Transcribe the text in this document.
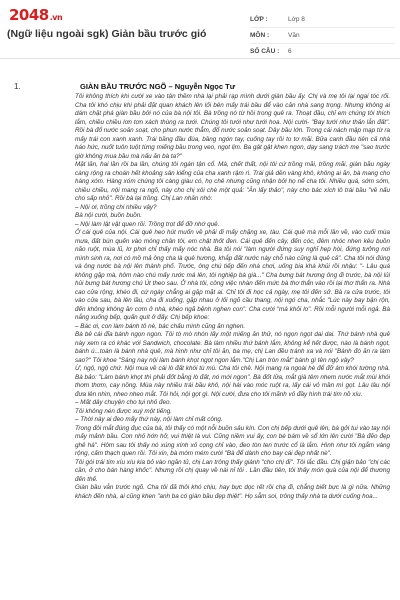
2048.vn
(Ngữ liệu ngoài sgk) Giản bầu trước gió
LỚP :	Lớp 8
MÔN :	Văn
SỐ CÂU :	6
1.	GIÀN BẦU TRƯỚC NGÕ – Nguyễn Ngọc Tư

Tôi không thích khi cười xe vào tận thềm nhà lại phải rạp mình dưới giàn bầu ấy. Chị và mẹ tôi lại ngại tóc rối. Cha tôi khó chịu khi phải đặt quan khách lên lối bên mấy trái bầu để vào căn nhà sang trọng. Nhưng không ai dám chặt phá giàn bầu bởi nó của bà nội tôi. Bà trồng nó từ hồi trong quê ra. Thoạt đầu, chỉ em chúng tôi thích lắm, chiều chiều lơn tơn xách thùng ra tưới. Chúng tôi tưới như tưới hoa. Nội cười- "Bay tưới như thản lẫn đất". Rồi bà đổ nước soản soạt, cho phun nước thẳm, đổ nước soản soạt. Dây bầu lớn. Trong cái nách mập mạp từ ra mấy trái con xanh xanh. Trái bầng đầu đùa, bầng ngón tay, cuống tay rồi to tơ mãi. Bữa canh đầu tiên cả nhà háo hức, nuốt tuôn tuột từng miếng bầu trong veo, ngọt lịm. Ba gật gật khen ngon, dạy sang trách mẹ "sao trước giờ không mua bầu mà nấu ăn bà ta?"

Mặt lăn, hai lần rồi ba lần, chúng tôi ngán tận cổ. Mà, chết thất, nội tôi cứ trồng mãi, trồng mãi, giàn bầu ngày càng rộng ra choán hết khoảng sân kiểng của cha xanh rậm rì. Trái giả dền vàng khô, không ai ăn, bà mang cho hàng xóm. Hàng xóm chúng tôi càng giàu có, họ chê nhưng cũng nhận bởi họ nể cha tôi. Nhiều quá, sớm sớm, chiều chiều, nội mang ra ngõ, này cho chị xôi chè một quả: "Ăn lấy thảo", này cho bác xích lô trái bầu "về nấu cho sấp nhỏ". Rồi bà lại trồng. Chị Lan nhăn nhó:

– Nội ơi, trồng chi nhiều vậy?

Bà nội cười, buồn buồn.

– Nội làm lật vật quen rồi. Trồng trọt để đỡ nhớ quê.

Ở cái quê của nội. Cái quê heo hút muốn về phải đi mấy chặng xe, tàu. Cái quê mà mỗi lần về, vào cuối mùa mưa, đất bùn quến vào móng chân tôi, em chật thốt đen. Cái quê đến cây, đến cóc, đêm nhóc nhen kêu buồn não ruột, mùa lũ, lơ phơi chỉ thấy mấy nóc nhà. Ba tôi nói "làm người đứng suy nghĩ hẹp hòi, đứng tưởng nơi mình sinh ra, nơi có mồ mả ông cha là quê hương, khắp đất nước này chỗ nào cũng là quê cả". Cha tôi nói đúng và ông nước bà nội lên thành phố. Trước, ông chú tiếp đến nhà chơi, uống bia khá khủi rồi nhậu: "- Lâu quá không gặp mà, hôm nào chú mấy rước má lên, tôi nghiệp bà già..." Cha bưng bát hương ông đi trước, bà nội lủi hủi bưng bát hương chú Út theo sau. Ở nhà tôi, công việc nhàn đến mức bà thơ thẩn vào rồi lại thơ thẩn ra. Nhà cao cửa rộng, khéo đi, cứ ngày chẳng ai gặp mặt ai. Chỉ tôi đi học cả ngày, mẹ tôi đến sở. Bà ra cửa trước, tôi vào cửa sau, bà lên lầu, cha đi xuống, gặp nhau ở lối ngõ cầu thang, nội ngó cha, nhắc "Lúc này bay bận rộn, đến không không ăn cơm ở nhà, khéo ngã bệnh nghen con". Cha cười "má khỏi lo". Rồi mỗi người mỗi ngả. Bà nắng xuống bếp, quấn quít ở đấy. Chị bếp khoe:

– Bác ơi, con làm bánh tô nè, bác chấu mình cũng ăn nghen.

Bà bê cái đĩa bánh ngọn ngon. Tôi tò mò nhón lấy một miếng ăn thử, nó ngọn ngọt dai dai. Thứ bánh nhà quê này xem ra có khác với Sandwich, chocolate. Bà làm nhiều thứ bánh lắm, không kể hết được, nào là bánh ngọt, bánh ú...toàn là bánh nhà quê, mà hình như chỉ tôi ăn, ba mẹ, chị Lan đều tránh xa và nói "Bánh đó ăn ra làm sao?" Tôi khoe "Sáng nay nội làm bánh khọt ngọt ngon lắm."Chị Lan tròn mắt" bánh gì tên ngộ vậy?

Ừ, ngộ, ngộ chứ. Nội mua về cái lò đất khói tù mù. Cha tôi chê. Nội mang ra ngoài hè để đỡ ám khói tường nhà. Bà bảo: "Làm bánh khọt thì phải đốt bằng lò đất, nó mới ngon". Bà đốt lửa, mắt già têm nhem nước mắt mùi khói thơm thơm, cay nồng. Mùa này nhiều trái bầu khô, nội hái vào móc ruột ra, lấy cái vỏ mần mì gọt. Lâu lâu nội đưa lên nhìn, nheo nheo mắt. Tôi hỏi, nội gọt gì. Nội cười, đưa cho tôi mãnh vỏ đầy hình trái tim nồ xíu.

– Mất dây chuyện cho tụi nhỏ đeo.

Tôi không nén được xuý một tiếng.

– Thời này ai đeo mấy thứ này, nội làm chỉ mất công.

Trong đôi mắt đúng đục của bà, tôi thấy có một nỗi buồn sâu kín. Con chị bếp dưới quê lên, bà gởi tui vào tay nội mấy mảnh bầu. Con nhỏ hớn hở, vui thiệt là vui. Cũng niềm vui ấy, con bé bám về sổ lớn lên cười "Bà đẽo đẹp ghê há". Hôm sau tôi thấy nó xúng xính xỏ cọng chỉ vào, đeo tòn ten trước cổ là lắm. Hình như tôi ngắm vàng rộng, cấm thạch quen rồi. Tôi xin, bà móm mém cười "Bà để dành cho bay cái đẹp nhất nè".

Tôi gói trái tim xíu xíu kia bỏ vào ngăn tủ, chị Lan trông thấy giành "cho chị đi". Tôi lắc đầu. Chị giận bảo "chị các cần, ở cho bán hàng khốc". Nhưng rồi chị quay về nài nỉ tôi . Lần đầu tiên, tôi thấy món quà của nội để thương đến thế.

Giàn bầu vẫn trước ngõ. Cha tôi đã thôi khó chịu, hay bực dọc rết rồi chạ đi, chẳng biết bực là gì nữa. Những khách đến nhà, ai cũng khen "anh ba có giàn bầu đẹp thiệt". Họ sẵm soi, trông thấy nhà ta dưới cuống hoa...
